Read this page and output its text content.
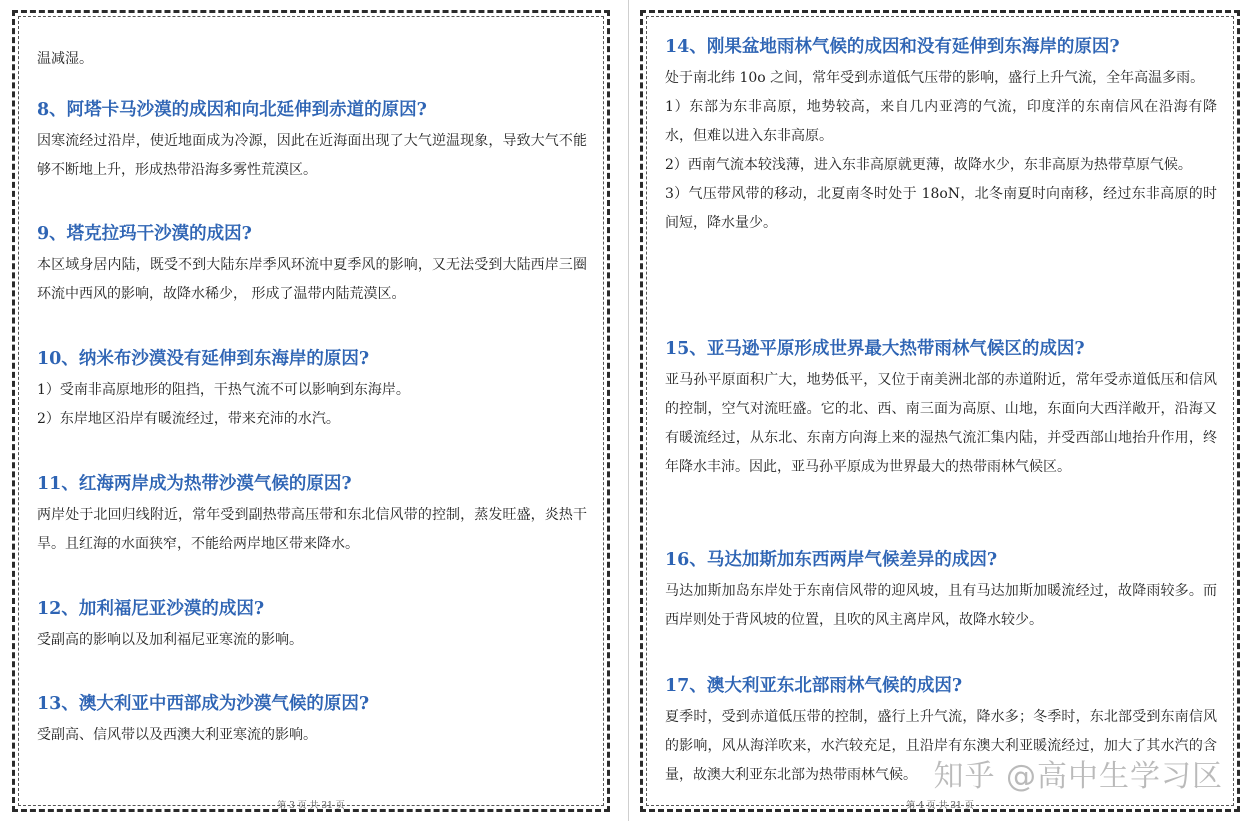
温减湿。

8、阿塔卡马沙漠的成因和向北延伸到赤道的原因?

因寒流经过沿岸，使近地面成为冷源，因此在近海面出现了大气逆温现象，导致大气不能够不断地上升，形成热带沿海多雾性荒漠区。

9、塔克拉玛干沙漠的成因?

本区域身居内陆，既受不到大陆东岸季风环流中夏季风的影响，又无法受到大陆西岸三圈环流中西风的影响，故降水稀少， 形成了温带内陆荒漠区。

10、纳米布沙漠没有延伸到东海岸的原因?

1）受南非高原地形的阻挡，干热气流不可以影响到东海岸。

2）东岸地区沿岸有暖流经过，带来充沛的水汽。

11、红海两岸成为热带沙漠气候的原因?

两岸处于北回归线附近，常年受到副热带高压带和东北信风带的控制，蒸发旺盛，炎热干旱。且红海的水面狭窄，不能给两岸地区带来降水。

12、加利福尼亚沙漠的成因?

受副高的影响以及加利福尼亚寒流的影响。

13、澳大利亚中西部成为沙漠气候的原因?

受副高、信风带以及西澳大利亚寒流的影响。

第 3 页 共 31 页
14、刚果盆地雨林气候的成因和没有延伸到东海岸的原因?

处于南北纬 10o 之间，常年受到赤道低气压带的影响，盛行上升气流，全年高温多雨。

1）东部为东非高原，地势较高，来自几内亚湾的气流，印度洋的东南信风在沿海有降水，但难以进入东非高原。

2）西南气流本较浅薄，进入东非高原就更薄，故降水少，东非高原为热带草原气候。

3）气压带风带的移动，北夏南冬时处于 18oN，北冬南夏时向南移，经过东非高原的时间短，降水量少。

15、亚马逊平原形成世界最大热带雨林气候区的成因?

亚马孙平原面积广大，地势低平，又位于南美洲北部的赤道附近，常年受赤道低压和信风的控制，空气对流旺盛。它的北、西、南三面为高原、山地，东面向大西洋敞开，沿海又有暖流经过，从东北、东南方向海上来的湿热气流汇集内陆，并受西部山地抬升作用，终年降水丰沛。因此，亚马孙平原成为世界最大的热带雨林气候区。

16、马达加斯加东西两岸气候差异的成因?

马达加斯加岛东岸处于东南信风带的迎风坡，且有马达加斯加暖流经过，故降雨较多。而西岸则处于背风坡的位置，且吹的风主离岸风，故降水较少。

17、澳大利亚东北部雨林气候的成因?

夏季时，受到赤道低压带的控制，盛行上升气流，降水多；冬季时，东北部受到东南信风的影响，风从海洋吹来，水汽较充足，且沿岸有东澳大利亚暖流经过，加大了其水汽的含量，故澳大利亚东北部为热带雨林气候。

第 4 页 共 31 页
知乎 @高中生学习区
